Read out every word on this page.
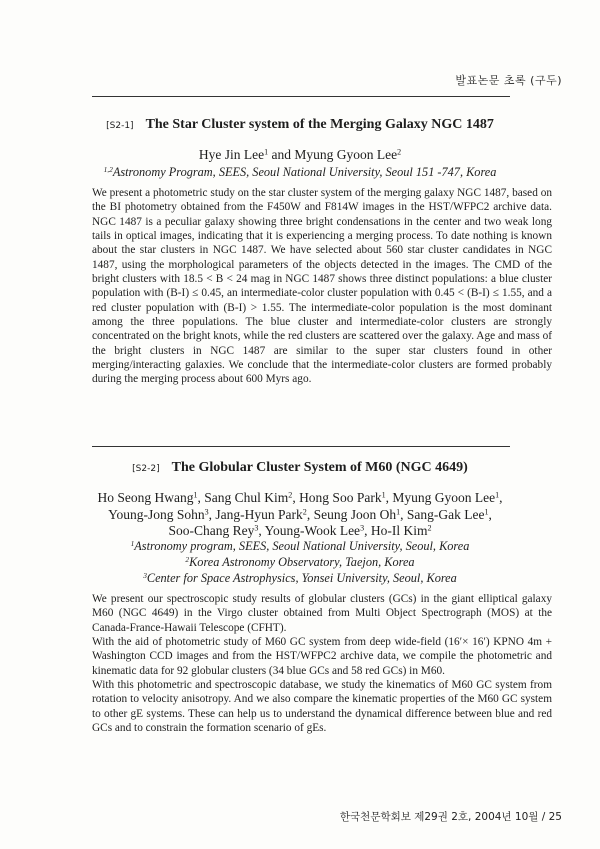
발표논문 초록 (구두)
[S2-1] The Star Cluster system of the Merging Galaxy NGC 1487
Hye Jin Lee$^1$ and Myung Gyoon Lee$^2$
$^{1,2}$Astronomy Program, SEES, Seoul National University, Seoul 151 -747, Korea

We present a photometric study on the star cluster system of the merging galaxy NGC 1487, based on the BI photometry obtained from the F450W and F814W images in the HST/WFPC2 archive data. NGC 1487 is a peculiar galaxy showing three bright condensations in the center and two weak long tails in optical images, indicating that it is experiencing a merging process. To date nothing is known about the star clusters in NGC 1487. We have selected about 560 star cluster candidates in NGC 1487, using the morphological parameters of the objects detected in the images. The CMD of the bright clusters with 18.5 < B < 24 mag in NGC 1487 shows three distinct populations: a blue cluster population with (B-I) ≤ 0.45, an intermediate-color cluster population with 0.45 < (B-I) ≤ 1.55, and a red cluster population with (B-I) > 1.55. The intermediate-color population is the most dominant among the three populations. The blue cluster and intermediate-color clusters are strongly concentrated on the bright knots, while the red clusters are scattered over the galaxy. Age and mass of the bright clusters in NGC 1487 are similar to the super star clusters found in other merging/interacting galaxies. We conclude that the intermediate-color clusters are formed probably during the merging process about 600 Myrs ago.

[S2-2] The Globular Cluster System of M60 (NGC 4649)
Ho Seong Hwang$^1$, Sang Chul Kim$^2$, Hong Soo Park$^1$, Myung Gyoon Lee$^1$,
Young-Jong Sohn$^3$, Jang-Hyun Park$^2$, Seung Joon Oh$^1$, Sang-Gak Lee$^1$,
Soo-Chang Rey$^3$, Young-Wook Lee$^3$, Ho-Il Kim$^2$
$^1$Astronomy program, SEES, Seoul National University, Seoul, Korea
$^2$Korea Astronomy Observatory, Taejon, Korea
$^3$Center for Space Astrophysics, Yonsei University, Seoul, Korea

We present our spectroscopic study results of globular clusters (GCs) in the giant elliptical galaxy M60 (NGC 4649) in the Virgo cluster obtained from Multi Object Spectrograph (MOS) at the Canada-France-Hawaii Telescope (CFHT).

With the aid of photometric study of M60 GC system from deep wide-field (16′× 16′) KPNO 4m + Washington CCD images and from the HST/WFPC2 archive data, we compile the photometric and kinematic data for 92 globular clusters (34 blue GCs and 58 red GCs) in M60.

With this photometric and spectroscopic database, we study the kinematics of M60 GC system from rotation to velocity anisotropy. And we also compare the kinematic properties of the M60 GC system to other gE systems. These can help us to understand the dynamical difference between blue and red GCs and to constrain the formation scenario of gEs.

한국천문학회보 제29권 2호, 2004년 10월 / 25
